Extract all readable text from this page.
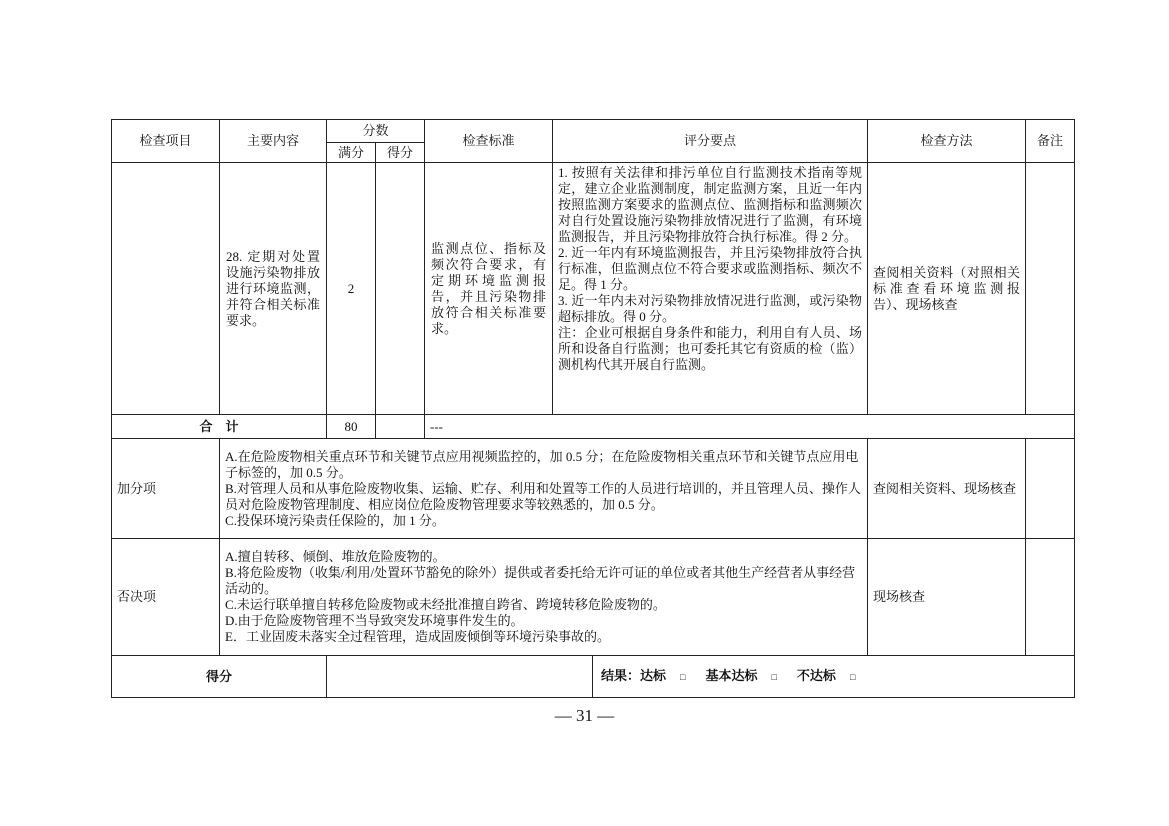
检查项目	主要内容	分数		检查标准	评分要点		检查方法	备注
		满分	得分					
	28. 定期对处置设施污染物排放进行环境监测，并符合相关标准要求。	2		监测点位、指标及频次符合要求，有定期环境监测报告，并且污染物排放符合相关标准要求。	1. 按照有关法律和排污单位自行监测技术指南等规定，建立企业监测制度，制定监测方案，且近一年内按照监测方案要求的监测点位、监测指标和监测频次对自行处置设施污染物排放情况进行了监测，有环境监测报告，并且污染物排放符合执行标准。得 2 分。
2. 近一年内有环境监测报告，并且污染物排放符合执行标准，但监测点位不符合要求或监测指标、频次不足。得 1 分。
3. 近一年内未对污染物排放情况进行监测，或污染物超标排放。得 0 分。
注：企业可根据自身条件和能力，利用自有人员、场所和设备自行监测；也可委托其它有资质的检（监）测机构代其开展自行监测。		查阅相关资料（对照相关标准查看环境监测报告）、现场核查	
合　计		80		---				
加分项	A.在危险废物相关重点环节和关键节点应用视频监控的，加 0.5 分；在危险废物相关重点环节和关键节点应用电子标签的，加 0.5 分。
B.对管理人员和从事危险废物收集、运输、贮存、利用和处置等工作的人员进行培训的，并且管理人员、操作人员对危险废物管理制度、相应岗位危险废物管理要求等较熟悉的，加 0.5 分。
C.投保环境污染责任保险的，加 1 分。						查阅相关资料、现场核查	
否决项	A.擅自转移、倾倒、堆放危险废物的。
B.将危险废物（收集/利用/处置环节豁免的除外）提供或者委托给无许可证的单位或者其他生产经营者从事经营活动的。
C.未运行联单擅自转移危险废物或未经批准擅自跨省、跨境转移危险废物的。
D.由于危险废物管理不当导致突发环境事件发生的。
E．工业固废未落实全过程管理，造成固废倾倒等环境污染事故的。						现场核查	
得分						结果：达标 □ 基本达标 □ 不达标 □		
— 31 —
